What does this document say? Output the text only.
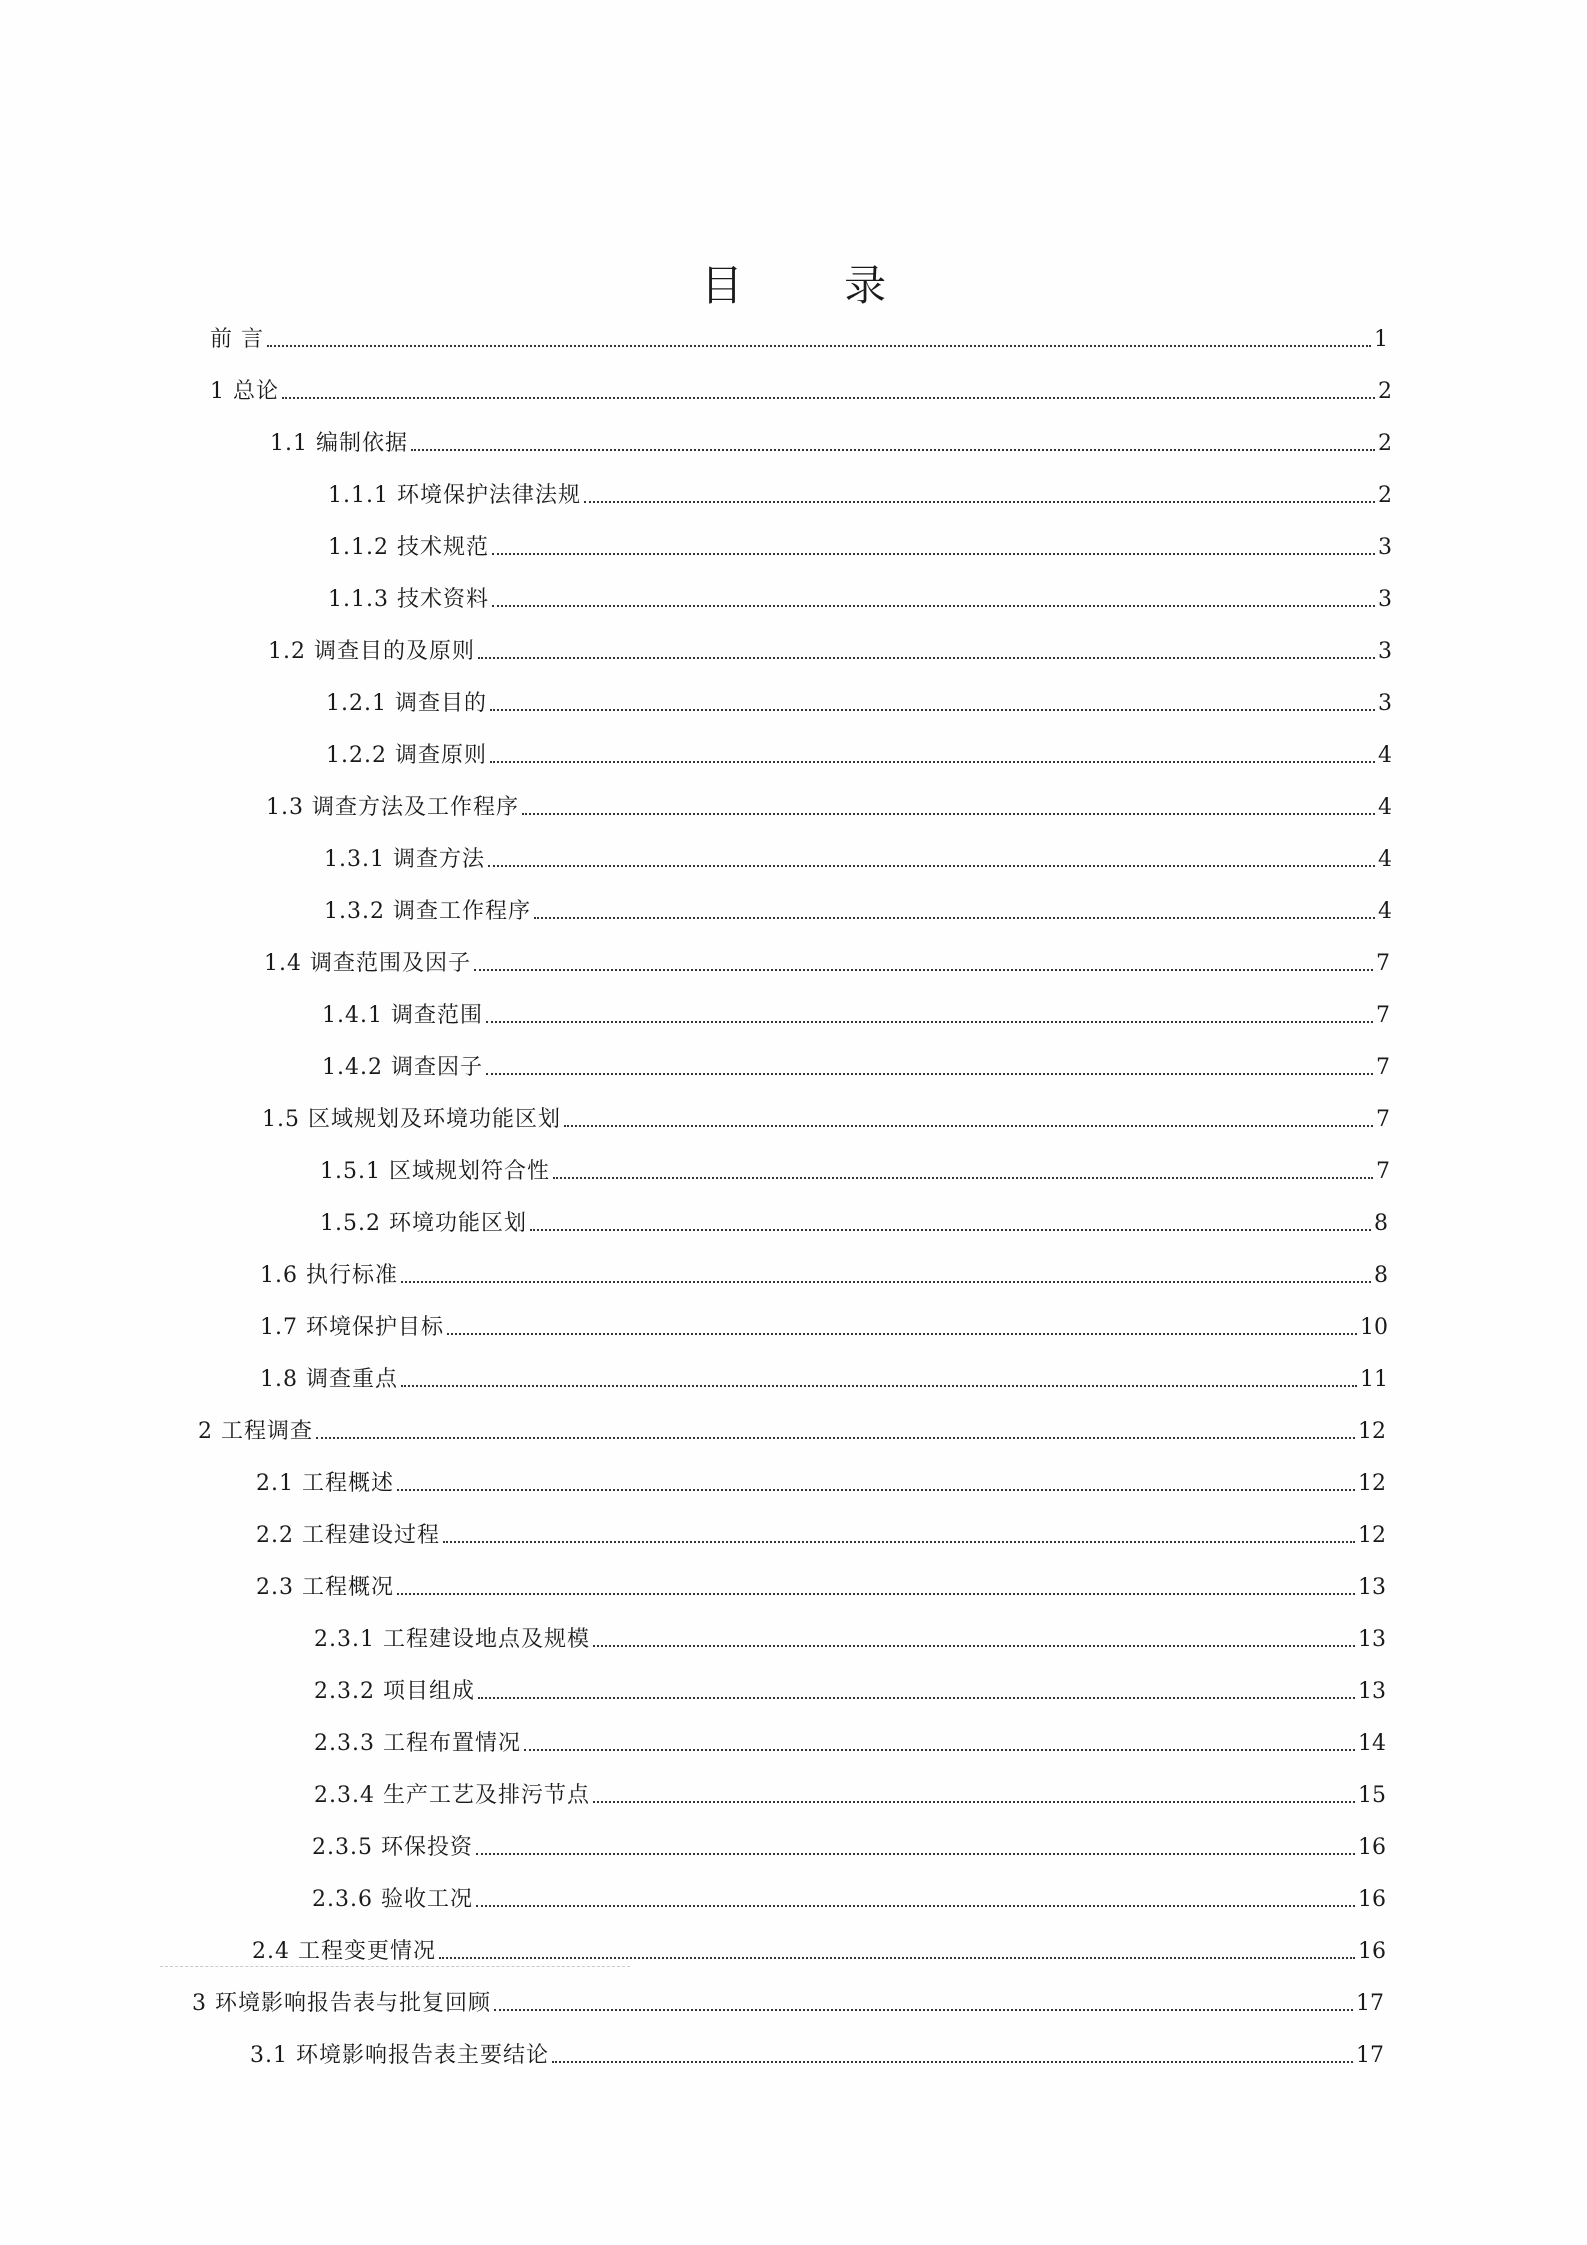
目 录
前 言	1
1 总论	2
1.1 编制依据	2
1.1.1 环境保护法律法规	2
1.1.2 技术规范	3
1.1.3 技术资料	3
1.2 调查目的及原则	3
1.2.1 调查目的	3
1.2.2 调查原则	4
1.3 调查方法及工作程序	4
1.3.1 调查方法	4
1.3.2 调查工作程序	4
1.4 调查范围及因子	7
1.4.1 调查范围	7
1.4.2 调查因子	7
1.5 区域规划及环境功能区划	7
1.5.1 区域规划符合性	7
1.5.2 环境功能区划	8
1.6 执行标准	8
1.7 环境保护目标	10
1.8 调查重点	11
2 工程调查	12
2.1 工程概述	12
2.2 工程建设过程	12
2.3 工程概况	13
2.3.1 工程建设地点及规模	13
2.3.2 项目组成	13
2.3.3 工程布置情况	14
2.3.4 生产工艺及排污节点	15
2.3.5 环保投资	16
2.3.6 验收工况	16
2.4 工程变更情况	16
3 环境影响报告表与批复回顾	17
3.1 环境影响报告表主要结论	17
